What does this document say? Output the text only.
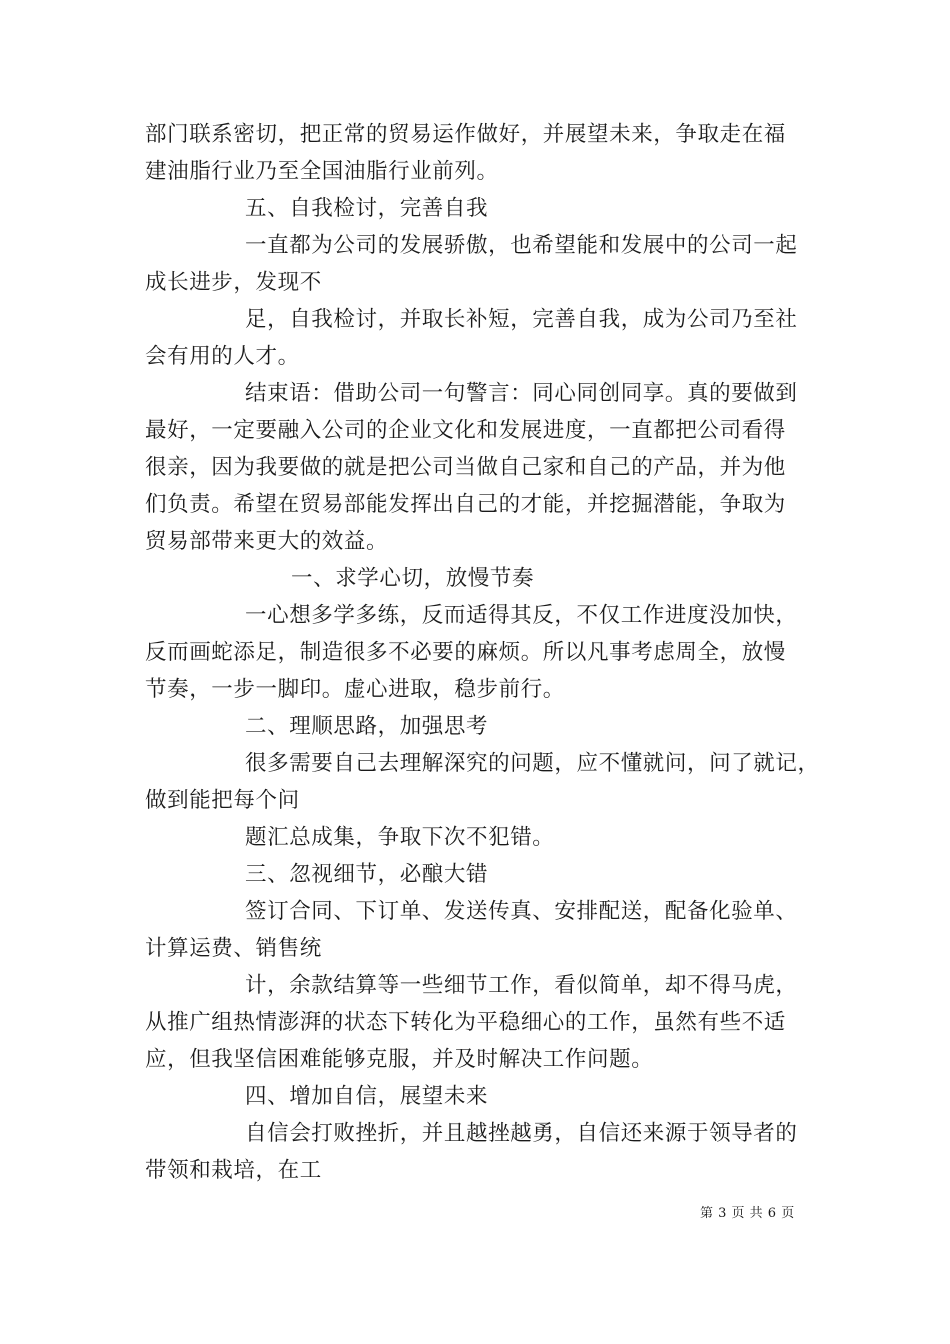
部门联系密切，把正常的贸易运作做好，并展望未来，争取走在福

建油脂行业乃至全国油脂行业前列。

五、自我检讨，完善自我

一直都为公司的发展骄傲，也希望能和发展中的公司一起

成长进步，发现不

足，自我检讨，并取长补短，完善自我，成为公司乃至社

会有用的人才。

结束语：借助公司一句警言：同心同创同享。真的要做到

最好，一定要融入公司的企业文化和发展进度，一直都把公司看得

很亲，因为我要做的就是把公司当做自己家和自己的产品，并为他

们负责。希望在贸易部能发挥出自己的才能，并挖掘潜能，争取为

贸易部带来更大的效益。

一、求学心切，放慢节奏

一心想多学多练，反而适得其反，不仅工作进度没加快，

反而画蛇添足，制造很多不必要的麻烦。所以凡事考虑周全，放慢

节奏，一步一脚印。虚心进取，稳步前行。

二、理顺思路，加强思考

很多需要自己去理解深究的问题，应不懂就问，问了就记，

做到能把每个问

题汇总成集，争取下次不犯错。

三、忽视细节，必酿大错

签订合同、下订单、发送传真、安排配送，配备化验单、

计算运费、销售统

计，余款结算等一些细节工作，看似简单，却不得马虎，

从推广组热情澎湃的状态下转化为平稳细心的工作，虽然有些不适

应，但我坚信困难能够克服，并及时解决工作问题。

四、增加自信，展望未来

自信会打败挫折，并且越挫越勇，自信还来源于领导者的

带领和栽培，在工

第 3 页 共 6 页
